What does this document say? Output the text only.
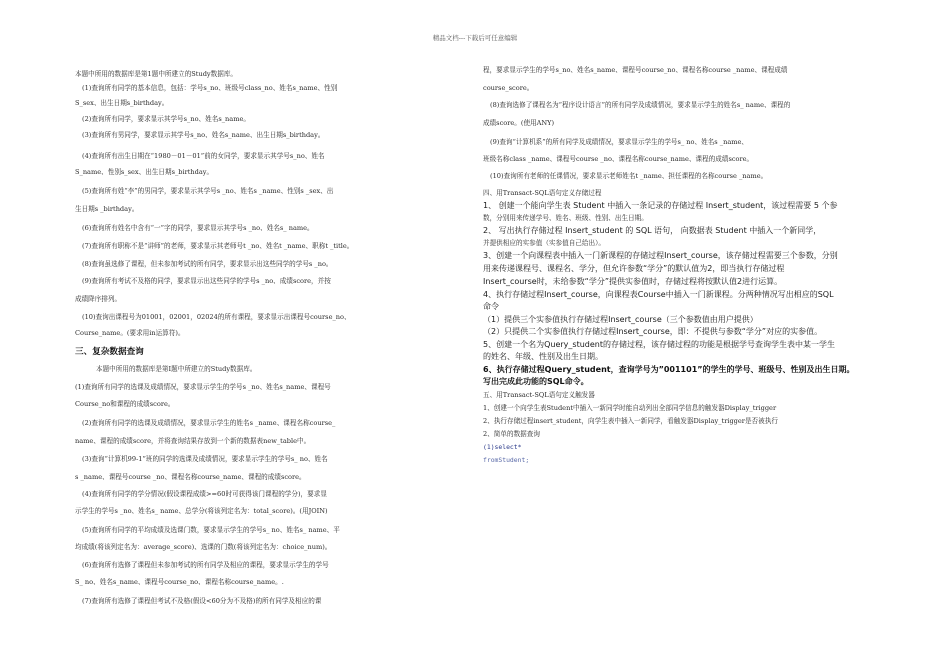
精品文档---下载后可任意编辑
本题中所用的数据库是第1题中所建立的Study数据库。
(1)查询所有同学的基本信息，包括：学号s_no、班级号class_no、姓名s_name、性别
S_sex、出生日期s_birthday。
(2)查询所有同学，要求显示其学号s_no、姓名s_name。
(3)查询所有男同学，要求显示其学号s_no、姓名s_name、出生日期s_birthday。
(4)查询所有出生日期在“1980－01－01”前的女同学，要求显示其学号s_no、姓名
S_name、性别s_sex、出生日期s_birthday。
(5)查询所有姓“李”的男同学，要求显示其学号s _no、姓名s _name、性别s _sex、出
生日期s _birthday。
(6)查询所有姓名中含有“一”字的同学，要求显示其学号s _no、姓名s_ name。
(7)查询所有职称不是“讲师”的老师，要求显示其老师号t _no、姓名t _name、职称t _title。
(8)查询虽选修了课程，但未参加考试的所有同学，要求显示出这些同学的学号s _no。
(9)查询所有考试不及格的同学，要求显示出这些同学的学号s _no、成绩score，并按
成绩降序排列。
(10)查询出课程号为01001，02001，02024的所有课程，要求显示出课程号course_no、
Course_name。(要求用in运算符)。
三、复杂数据查询
本题中所用的数据库是第I题中所建立的Study数据库。
(1)查询所有同学的选课及成绩情况，要求显示学生的学号s _no、姓名s_name、课程号
Course_no和课程的成绩score。
(2)查询所有同学的选课及成绩情况，要求显示学生的姓名s _name、课程名称course_
name、课程的成绩score，并将查询结果存放到一个新的数据表new_table中。
(3)查询“计算机99-1”班的同学的选课及成绩情况，要求显示学生的学号s_ no、姓名
s _name、课程号course _no、课程名称course_name、课程的成绩score。
(4)查询所有同学的学分情况(假设课程成绩>=60时可获得该门课程的学分)，要求显
示学生的学号s _no、姓名s_ name、总学分(将该列定名为：total_score)。(用JOIN)
(5)查询所有同学的平均成绩及选课门数，要求显示学生的学号s_ no、姓名s_ name、平
均成绩(将该列定名为：average_score)、选课的门数(将该列定名为：choice_num)。
(6)查询所有选修了课程但未参加考试的所有同学及相应的课程，要求显示学生的学号
S_ no、姓名s_name、课程号course_no、课程名称course_name。.
(7)查询所有选修了课程但考试不及格(假设<60分为不及格)的所有同学及相应的课
程，要求显示学生的学号s_no、姓名s_name、课程号course_no、课程名称course _name、课程成绩
course_score。
(8)查询选修了课程名为“程序设计语言”的所有同学及成绩情况，要求显示学生的姓名s_ name、课程的
成绩score。(使用ANY)
(9)查询“计算机系”的所有同学及成绩情况，要求显示学生的学号s_ no、姓名s _name、
班级名称class _name、课程号course _no、课程名称course_name、课程的成绩score。
(10)查询所有老师的任课情况，要求显示老师姓名t _name、担任课程的名称course _name。
四、用Transact-SQL语句定义存储过程
1、 创建一个能向学生表 Student 中插入一条记录的存储过程 Insert_student，该过程需要 5 个参
数，分别用来传递学号、姓名、班级、性别、出生日期。
2、 写出执行存储过程 Insert_student 的 SQL 语句， 向数据表 Student 中插入一个新同学，
并提供相应的实参值（实参值自己给出）。
3、创建一个向课程表中插入一门新课程的存储过程Insert_course，该存储过程需要三个参数，分别
用来传递课程号、课程名、学分，但允许参数“学分”的默认值为2，即当执行存储过程
Insert_course时，未给参数“学分”提供实参值时，存储过程将按默认值2进行运算。
4、执行存储过程Insert_course，向课程表Course中插入一门新课程。分两种情况写出相应的SQL
命令
（1）提供三个实参值执行存储过程Insert_course（三个参数值由用户提供）
（2）只提供二个实参值执行存储过程Insert_course，即：不提供与参数“学分”对应的实参值。
5、创建一个名为Query_student的存储过程，该存储过程的功能是根据学号查询学生表中某一学生
的姓名、年级、性别及出生日期。
6、执行存储过程Query_student，查询学号为”001101”的学生的学号、班级号、性别及出生日期。
写出完成此功能的SQL命令。
五、用Transact-SQL语句定义触发器
1、创建一个向学生表Student中插入一新同学时能自动列出全部同学信息的触发器Display_trigger
2、执行存储过程insert_student，向学生表中插入一新同学，看触发器Display_trigger是否被执行
2、简单的数据查询
(1)select*
fromStudent;
